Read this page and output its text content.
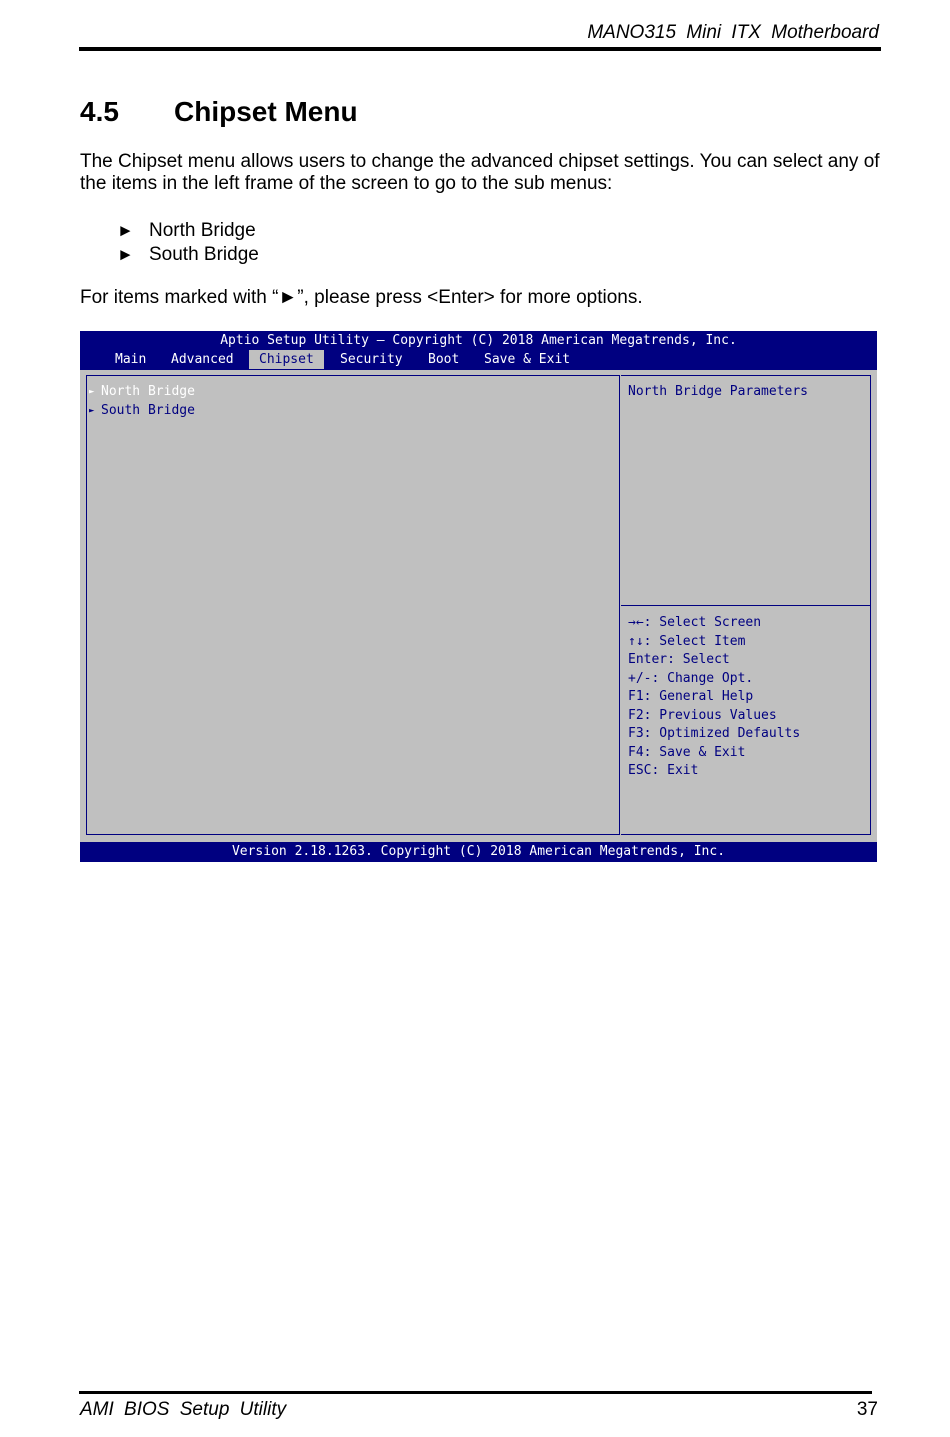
MANO315 Mini ITX Motherboard
4.5 Chipset Menu

The Chipset menu allows users to change the advanced chipset settings. You can select any of the items in the left frame of the screen to go to the sub menus:

► North Bridge
► South Bridge

For items marked with “►”, please press <Enter> for more options.

Aptio Setup Utility – Copyright (C) 2018 American Megatrends, Inc.
Main	Advanced	Chipset	Security	Boot	Save & Exit
► North Bridge
► South Bridge
North Bridge Parameters
→←: Select Screen
↑↓: Select Item
Enter: Select
+/-: Change Opt.
F1: General Help
F2: Previous Values
F3: Optimized Defaults
F4: Save & Exit
ESC: Exit
Version 2.18.1263. Copyright (C) 2018 American Megatrends, Inc.
AMI BIOS Setup Utility	37
